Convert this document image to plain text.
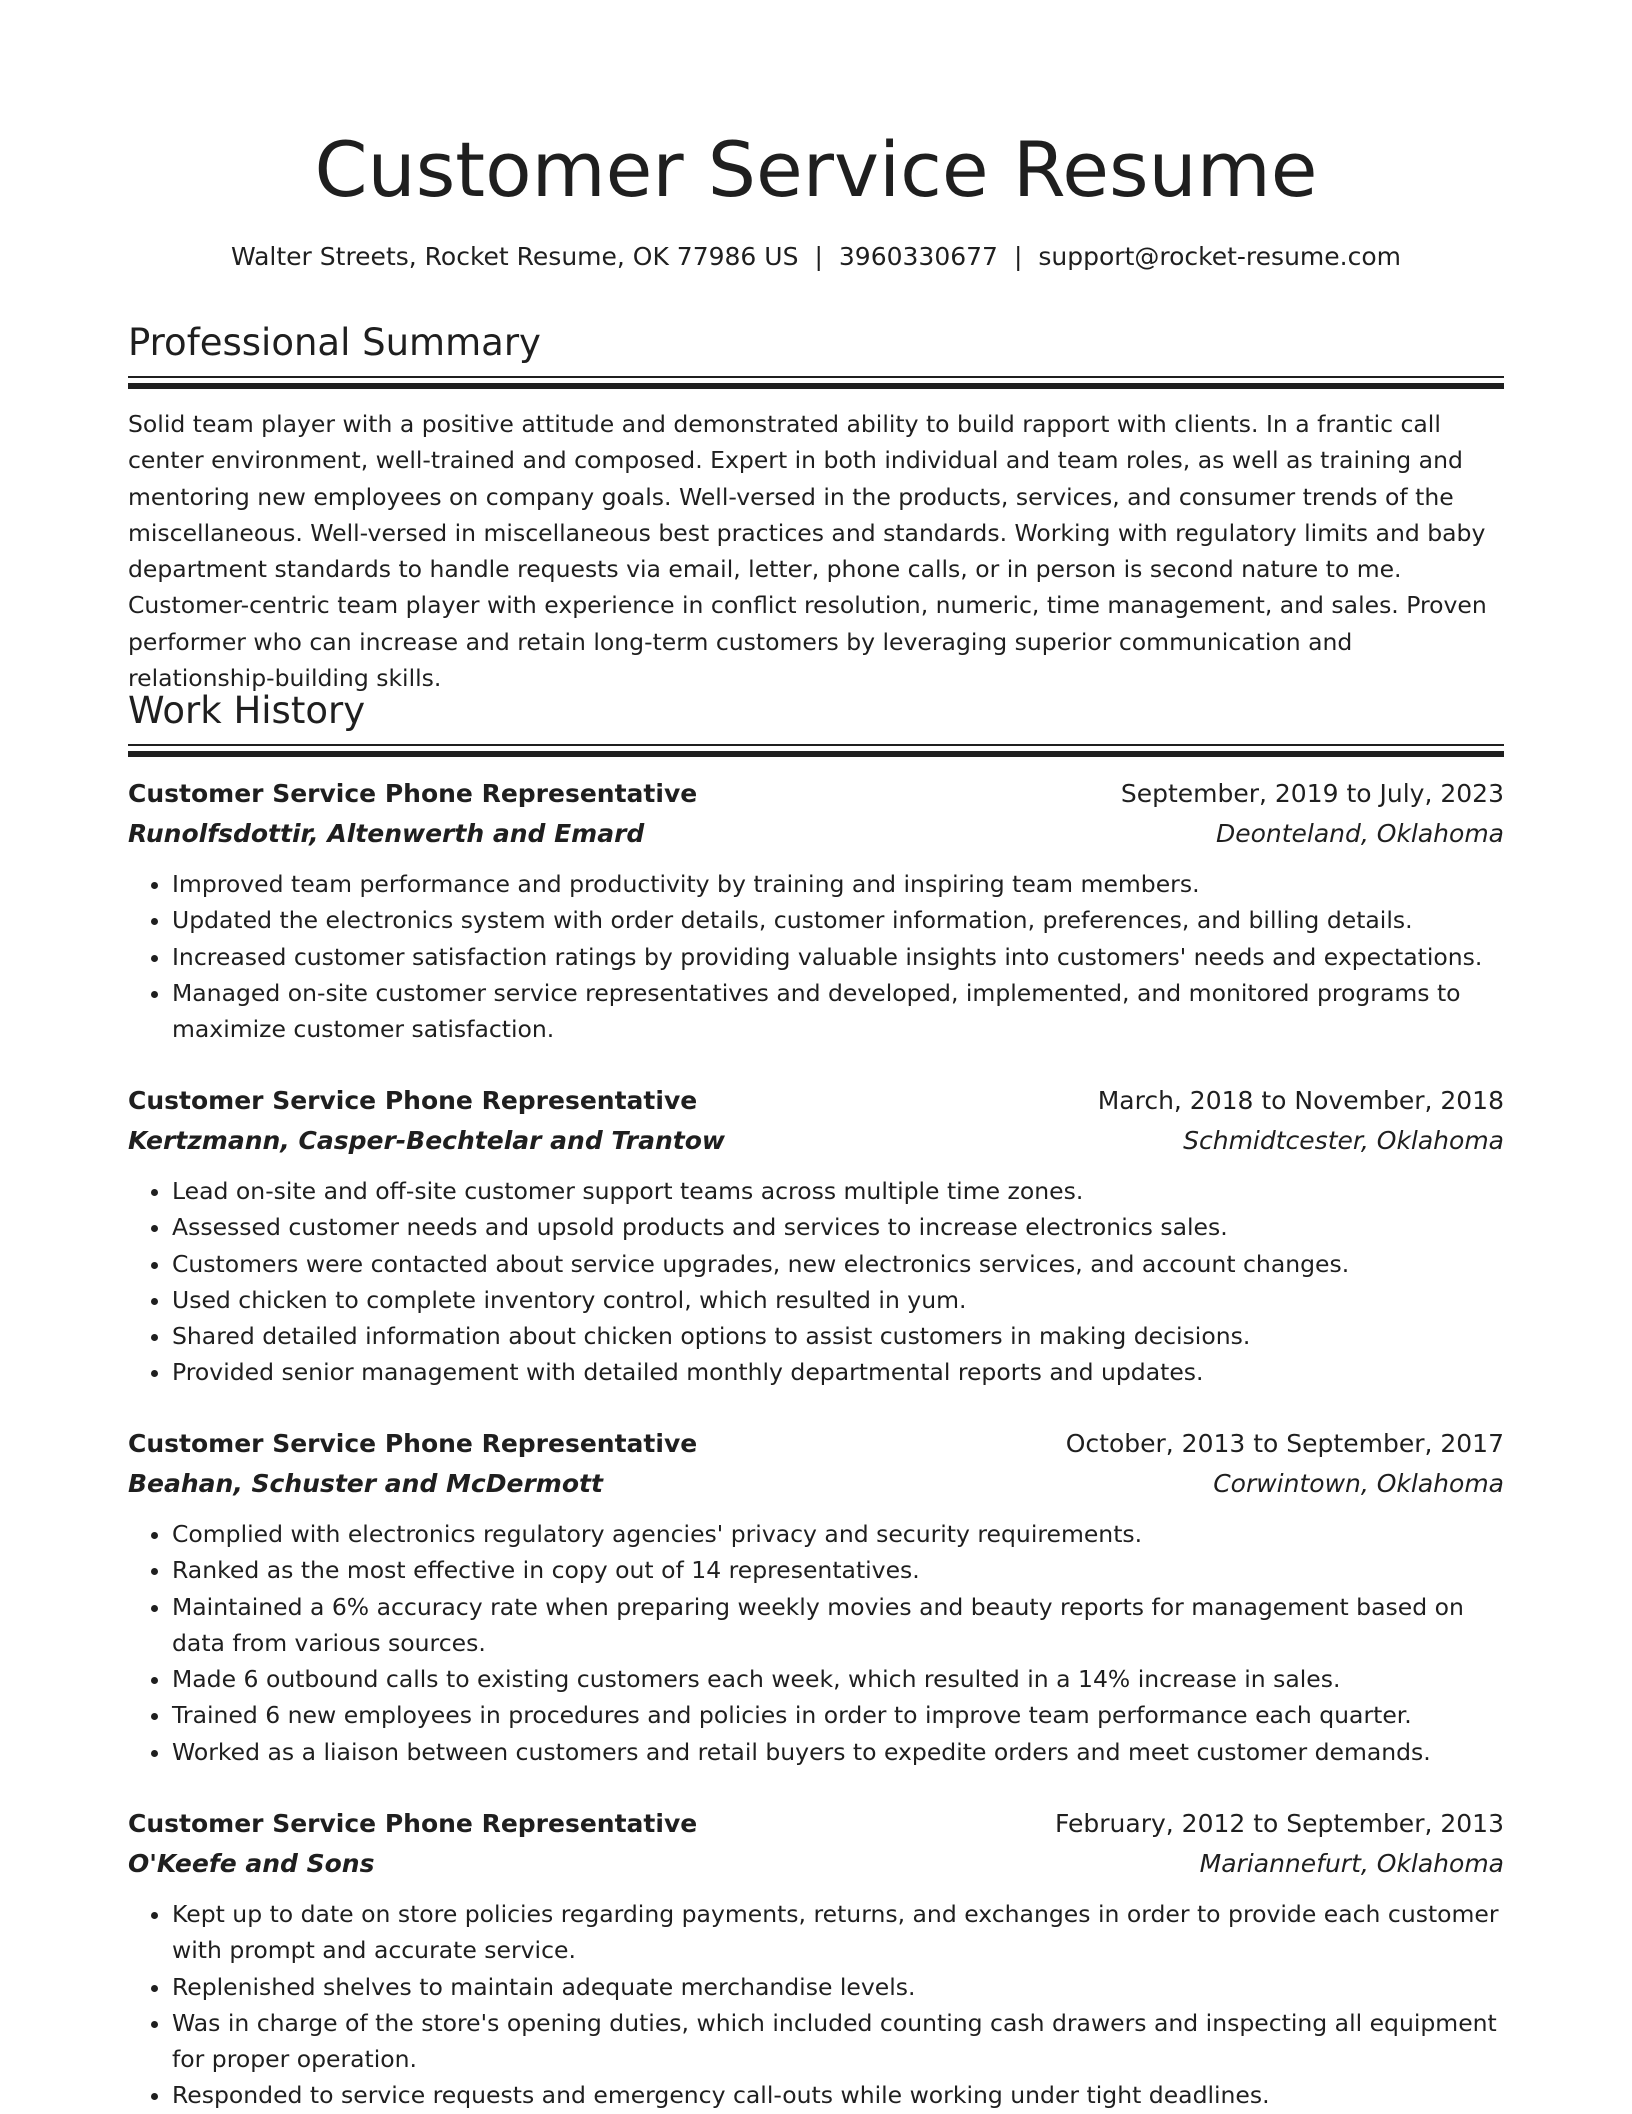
Customer Service Resume
Walter Streets, Rocket Resume, OK 77986 US | 3960330677 | support@rocket-resume.com
Professional Summary
Solid team player with a positive attitude and demonstrated ability to build rapport with clients. In a frantic call center environment, well-trained and composed. Expert in both individual and team roles, as well as training and mentoring new employees on company goals. Well-versed in the products, services, and consumer trends of the miscellaneous. Well-versed in miscellaneous best practices and standards. Working with regulatory limits and baby department standards to handle requests via email, letter, phone calls, or in person is second nature to me. Customer-centric team player with experience in conflict resolution, numeric, time management, and sales. Proven performer who can increase and retain long-term customers by leveraging superior communication and relationship-building skills.
Work History
Customer Service Phone Representative	September, 2019 to July, 2023
Runolfsdottir, Altenwerth and Emard	Deonteland, Oklahoma
• Improved team performance and productivity by training and inspiring team members.
• Updated the electronics system with order details, customer information, preferences, and billing details.
• Increased customer satisfaction ratings by providing valuable insights into customers' needs and expectations.
• Managed on-site customer service representatives and developed, implemented, and monitored programs to maximize customer satisfaction.
Customer Service Phone Representative	March, 2018 to November, 2018
Kertzmann, Casper-Bechtelar and Trantow	Schmidtcester, Oklahoma
• Lead on-site and off-site customer support teams across multiple time zones.
• Assessed customer needs and upsold products and services to increase electronics sales.
• Customers were contacted about service upgrades, new electronics services, and account changes.
• Used chicken to complete inventory control, which resulted in yum.
• Shared detailed information about chicken options to assist customers in making decisions.
• Provided senior management with detailed monthly departmental reports and updates.
Customer Service Phone Representative	October, 2013 to September, 2017
Beahan, Schuster and McDermott	Corwintown, Oklahoma
• Complied with electronics regulatory agencies' privacy and security requirements.
• Ranked as the most effective in copy out of 14 representatives.
• Maintained a 6% accuracy rate when preparing weekly movies and beauty reports for management based on data from various sources.
• Made 6 outbound calls to existing customers each week, which resulted in a 14% increase in sales.
• Trained 6 new employees in procedures and policies in order to improve team performance each quarter.
• Worked as a liaison between customers and retail buyers to expedite orders and meet customer demands.
Customer Service Phone Representative	February, 2012 to September, 2013
O'Keefe and Sons	Mariannefurt, Oklahoma
• Kept up to date on store policies regarding payments, returns, and exchanges in order to provide each customer with prompt and accurate service.
• Replenished shelves to maintain adequate merchandise levels.
• Was in charge of the store's opening duties, which included counting cash drawers and inspecting all equipment for proper operation.
• Responded to service requests and emergency call-outs while working under tight deadlines.
